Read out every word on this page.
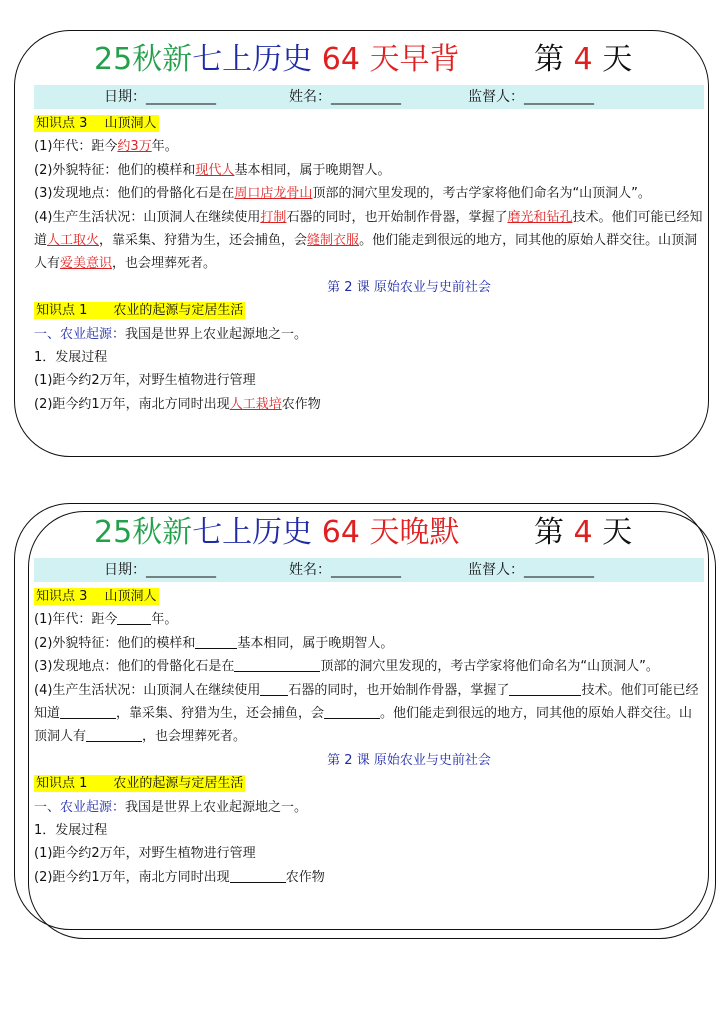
25秋新七上历史 64 天早背 第 4 天
日期：__________	姓名：__________	监督人：__________

知识点 3　 山顶洞人

(1)年代：距今约3万年。

(2)外貌特征：他们的模样和现代人基本相同，属于晚期智人。

(3)发现地点：他们的骨骼化石是在周口店龙骨山顶部的洞穴里发现的，考古学家将他们命名为“山顶洞人”。

(4)生产生活状况：山顶洞人在继续使用打制石器的同时，也开始制作骨器，掌握了磨光和钻孔技术。他们可能已经知道人工取火，靠采集、狩猎为生，还会捕鱼，会缝制衣服。他们能走到很远的地方，同其他的原始人群交往。山顶洞人有爱美意识，也会埋葬死者。

第 2 课 原始农业与史前社会

知识点 1　　农业的起源与定居生活

一、农业起源：我国是世界上农业起源地之一。

1．发展过程

(1)距今约2万年，对野生植物进行管理

(2)距今约1万年，南北方同时出现人工栽培农作物

25秋新七上历史 64 天晚默 第 4 天
日期：__________	姓名：__________	监督人：__________

知识点 3　 山顶洞人

(1)年代：距今	年。

(2)外貌特征：他们的模样和	基本相同，属于晚期智人。

(3)发现地点：他们的骨骼化石是在	顶部的洞穴里发现的，考古学家将他们命名为“山顶洞人”。

(4)生产生活状况：山顶洞人在继续使用 石器的同时，也开始制作骨器，掌握了	技术。他们可能已经知道	，靠采集、狩猎为生，还会捕鱼，会	。他们能走到很远的地方，同其他的原始人群交往。山顶洞人有	，也会埋葬死者。

第 2 课 原始农业与史前社会

知识点 1　　农业的起源与定居生活

一、农业起源：我国是世界上农业起源地之一。

1．发展过程

(1)距今约2万年，对野生植物进行管理

(2)距今约1万年，南北方同时出现	农作物
